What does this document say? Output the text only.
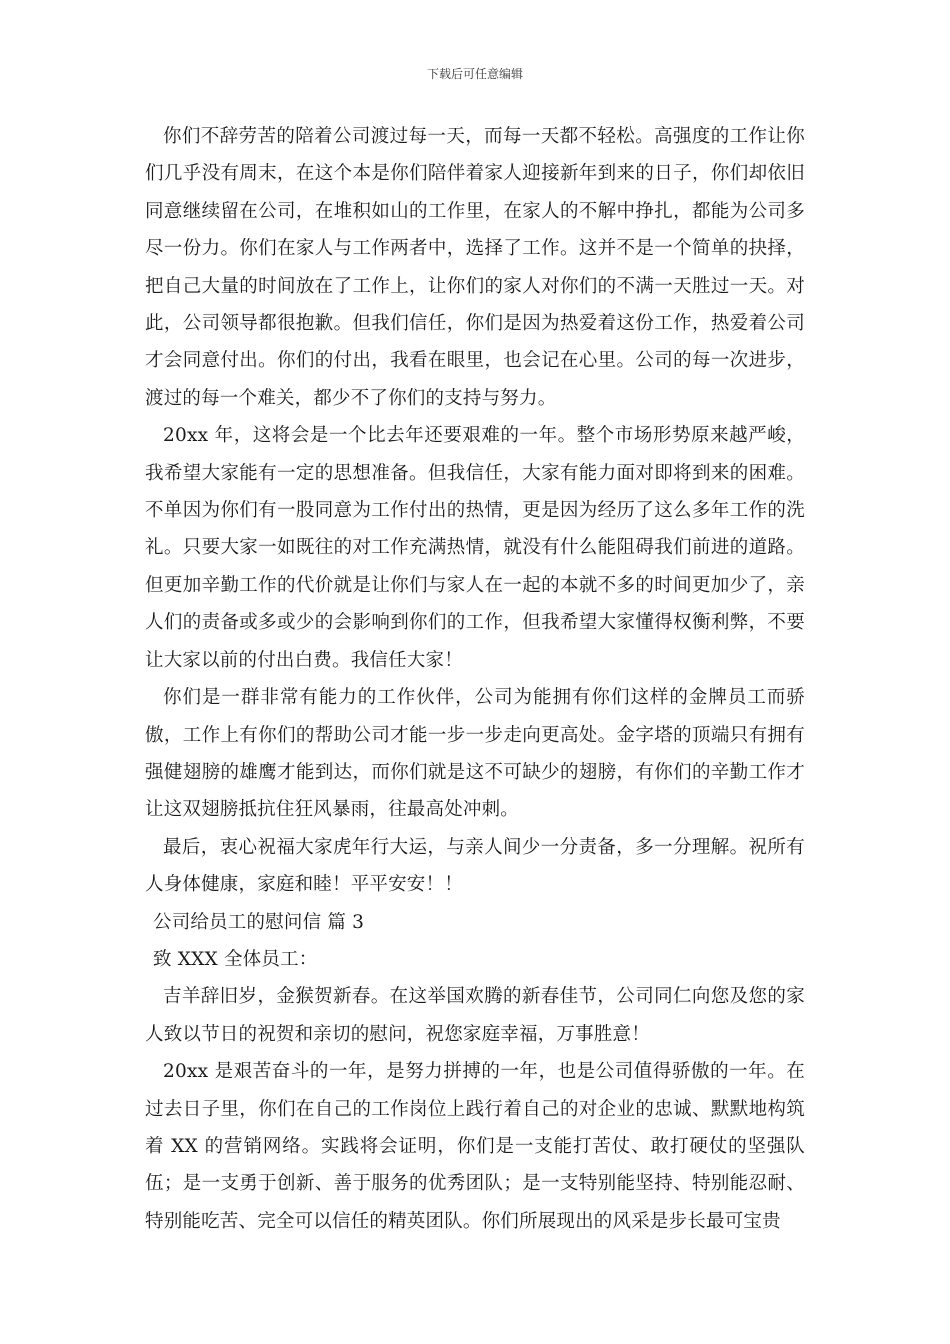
下载后可任意编辑

你们不辞劳苦的陪着公司渡过每一天，而每一天都不轻松。高强度的工作让你们几乎没有周末，在这个本是你们陪伴着家人迎接新年到来的日子，你们却依旧同意继续留在公司，在堆积如山的工作里，在家人的不解中挣扎，都能为公司多尽一份力。你们在家人与工作两者中，选择了工作。这并不是一个简单的抉择，把自己大量的时间放在了工作上，让你们的家人对你们的不满一天胜过一天。对此，公司领导都很抱歉。但我们信任，你们是因为热爱着这份工作，热爱着公司才会同意付出。你们的付出，我看在眼里，也会记在心里。公司的每一次进步，渡过的每一个难关，都少不了你们的支持与努力。

20xx 年，这将会是一个比去年还要艰难的一年。整个市场形势原来越严峻，我希望大家能有一定的思想准备。但我信任，大家有能力面对即将到来的困难。不单因为你们有一股同意为工作付出的热情，更是因为经历了这么多年工作的洗礼。只要大家一如既往的对工作充满热情，就没有什么能阻碍我们前进的道路。但更加辛勤工作的代价就是让你们与家人在一起的本就不多的时间更加少了，亲人们的责备或多或少的会影响到你们的工作，但我希望大家懂得权衡利弊，不要让大家以前的付出白费。我信任大家！

你们是一群非常有能力的工作伙伴，公司为能拥有你们这样的金牌员工而骄傲，工作上有你们的帮助公司才能一步一步走向更高处。金字塔的顶端只有拥有强健翅膀的雄鹰才能到达，而你们就是这不可缺少的翅膀，有你们的辛勤工作才让这双翅膀抵抗住狂风暴雨，往最高处冲刺。

最后，衷心祝福大家虎年行大运，与亲人间少一分责备，多一分理解。祝所有人身体健康，家庭和睦！平平安安！！

公司给员工的慰问信 篇 3

致 XXX 全体员工：

吉羊辞旧岁，金猴贺新春。在这举国欢腾的新春佳节，公司同仁向您及您的家人致以节日的祝贺和亲切的慰问，祝您家庭幸福，万事胜意！

20xx 是艰苦奋斗的一年，是努力拼搏的一年，也是公司值得骄傲的一年。在过去日子里，你们在自己的工作岗位上践行着自己的对企业的忠诚、默默地构筑着 XX 的营销网络。实践将会证明，你们是一支能打苦仗、敢打硬仗的坚强队伍；是一支勇于创新、善于服务的优秀团队；是一支特别能坚持、特别能忍耐、特别能吃苦、完全可以信任的精英团队。你们所展现出的风采是步长最可宝贵
